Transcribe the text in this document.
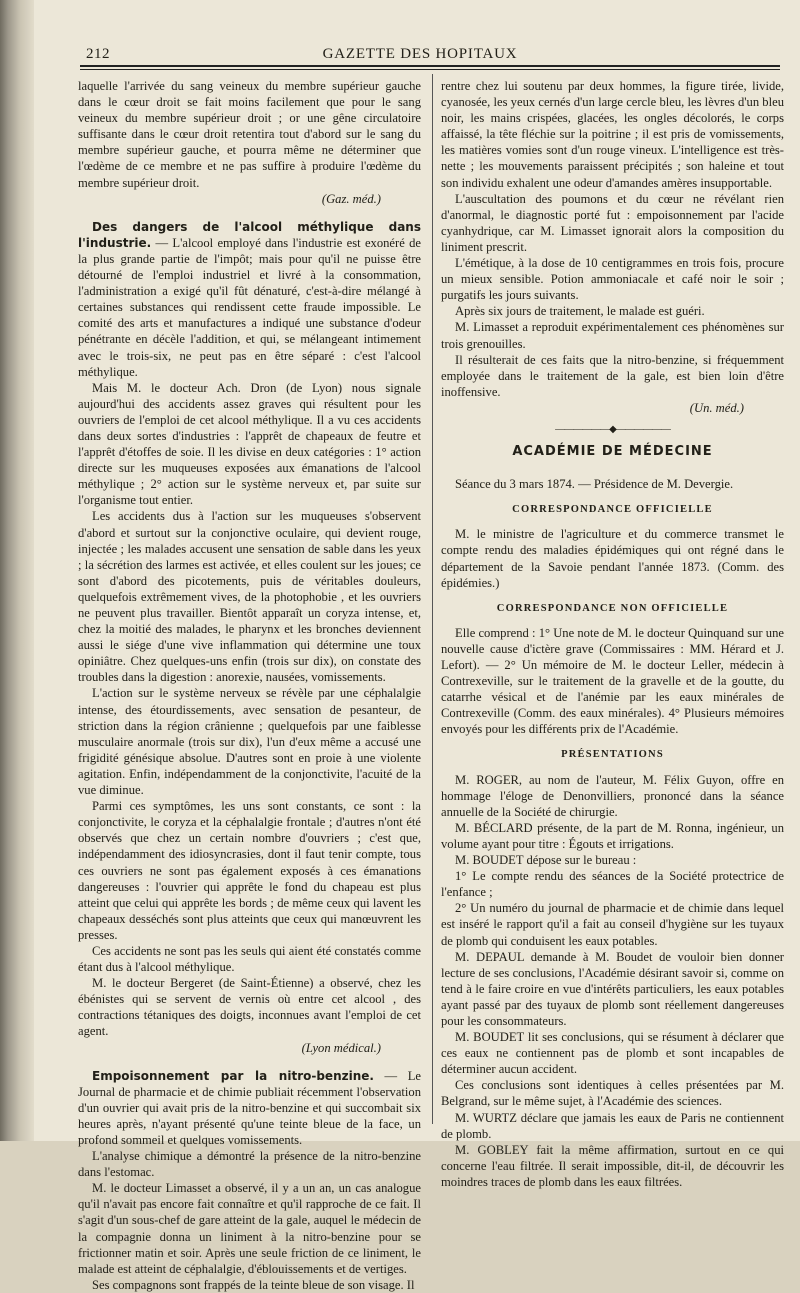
212	GAZETTE DES HOPITAUX

laquelle l'arrivée du sang veineux du membre supérieur gauche dans le cœur droit se fait moins facilement que pour le sang veineux du membre supérieur droit ; or une gêne circulatoire suffisante dans le cœur droit retentira tout d'abord sur le sang du membre supérieur gauche, et pourra même ne déterminer que l'œdème de ce membre et ne pas suffire à produire l'œdème du membre supérieur droit.

(Gaz. méd.)

Des dangers de l'alcool méthylique dans l'industrie. — L'alcool employé dans l'industrie est exonéré de la plus grande partie de l'impôt; mais pour qu'il ne puisse être détourné de l'emploi industriel et livré à la consommation, l'administration a exigé qu'il fût dénaturé, c'est-à-dire mélangé à certaines substances qui rendissent cette fraude impossible. Le comité des arts et manufactures a indiqué une substance d'odeur pénétrante en décèle l'addition, et qui, se mélangeant intimement avec le trois-six, ne peut pas en être séparé : c'est l'alcool méthylique.

Mais M. le docteur Ach. Dron (de Lyon) nous signale aujourd'hui des accidents assez graves qui résultent pour les ouvriers de l'emploi de cet alcool méthylique. Il a vu ces accidents dans deux sortes d'industries : l'apprêt de chapeaux de feutre et l'apprêt d'étoffes de soie. Il les divise en deux catégories : 1° action directe sur les muqueuses exposées aux émanations de l'alcool méthylique ; 2° action sur le système nerveux et, par suite sur l'organisme tout entier.

Les accidents dus à l'action sur les muqueuses s'observent d'abord et surtout sur la conjonctive oculaire, qui devient rouge, injectée ; les malades accusent une sensation de sable dans les yeux ; la sécrétion des larmes est activée, et elles coulent sur les joues; ce sont d'abord des picotements, puis de véritables douleurs, quelquefois extrêmement vives, de la photophobie , et les ouvriers ne peuvent plus travailler. Bientôt apparaît un coryza intense, et, chez la moitié des malades, le pharynx et les bronches deviennent aussi le siége d'une vive inflammation qui détermine une toux opiniâtre. Chez quelques-uns enfin (trois sur dix), on constate des troubles dans la digestion : anorexie, nausées, vomissements.

L'action sur le système nerveux se révèle par une céphalalgie intense, des étourdissements, avec sensation de pesanteur, de striction dans la région crânienne ; quelquefois par une faiblesse musculaire anormale (trois sur dix), l'un d'eux même a accusé une frigidité génésique absolue. D'autres sont en proie à une violente agitation. Enfin, indépendamment de la conjonctivite, l'acuité de la vue diminue.

Parmi ces symptômes, les uns sont constants, ce sont : la conjonctivite, le coryza et la céphalalgie frontale ; d'autres n'ont été observés que chez un certain nombre d'ouvriers ; c'est que, indépendamment des idiosyncrasies, dont il faut tenir compte, tous ces ouvriers ne sont pas également exposés à ces émanations dangereuses : l'ouvrier qui apprête le fond du chapeau est plus atteint que celui qui apprête les bords ; de même ceux qui lavent les chapeaux desséchés sont plus atteints que ceux qui manœuvrent les presses.

Ces accidents ne sont pas les seuls qui aient été constatés comme étant dus à l'alcool méthylique.

M. le docteur Bergeret (de Saint-Étienne) a observé, chez les ébénistes qui se servent de vernis où entre cet alcool , des contractions tétaniques des doigts, inconnues avant l'emploi de cet agent.

(Lyon médical.)

Empoisonnement par la nitro-benzine. — Le Journal de pharmacie et de chimie publiait récemment l'observation d'un ouvrier qui avait pris de la nitro-benzine et qui succombait six heures après, n'ayant présenté qu'une teinte bleue de la face, un profond sommeil et quelques vomissements.

L'analyse chimique a démontré la présence de la nitro-benzine dans l'estomac.

M. le docteur Limasset a observé, il y a un an, un cas analogue qu'il n'avait pas encore fait connaître et qu'il rapproche de ce fait. Il s'agit d'un sous-chef de gare atteint de la gale, auquel le médecin de la compagnie donna un liniment à la nitro-benzine pour se frictionner matin et soir. Après une seule friction de ce liniment, le malade est atteint de céphalalgie, d'éblouissements et de vertiges.

Ses compagnons sont frappés de la teinte bleue de son visage. Il

rentre chez lui soutenu par deux hommes, la figure tirée, livide, cyanosée, les yeux cernés d'un large cercle bleu, les lèvres d'un bleu noir, les mains crispées, glacées, les ongles décolorés, le corps affaissé, la tête fléchie sur la poitrine ; il est pris de vomissements, les matières vomies sont d'un rouge vineux. L'intelligence est très-nette ; les mouvements paraissent précipités ; son haleine et tout son individu exhalent une odeur d'amandes amères insupportable.

L'auscultation des poumons et du cœur ne révélant rien d'anormal, le diagnostic porté fut : empoisonnement par l'acide cyanhydrique, car M. Limasset ignorait alors la composition du liniment prescrit.

L'émétique, à la dose de 10 centigrammes en trois fois, procure un mieux sensible. Potion ammoniacale et café noir le soir ; purgatifs les jours suivants.

Après six jours de traitement, le malade est guéri.

M. Limasset a reproduit expérimentalement ces phénomènes sur trois grenouilles.

Il résulterait de ces faits que la nitro-benzine, si fréquemment employée dans le traitement de la gale, est bien loin d'être inoffensive.

(Un. méd.)

——————◆——————
ACADÉMIE DE MÉDECINE

Séance du 3 mars 1874. — Présidence de M. Devergie.

CORRESPONDANCE OFFICIELLE

M. le ministre de l'agriculture et du commerce transmet le compte rendu des maladies épidémiques qui ont régné dans le département de la Savoie pendant l'année 1873. (Comm. des épidémies.)

CORRESPONDANCE NON OFFICIELLE

Elle comprend : 1° Une note de M. le docteur Quinquand sur une nouvelle cause d'ictère grave (Commissaires : MM. Hérard et J. Lefort). — 2° Un mémoire de M. le docteur Leller, médecin à Contrexeville, sur le traitement de la gravelle et de la goutte, du catarrhe vésical et de l'anémie par les eaux minérales de Contrexeville (Comm. des eaux minérales). 4° Plusieurs mémoires envoyés pour les différents prix de l'Académie.

PRÉSENTATIONS

M. ROGER, au nom de l'auteur, M. Félix Guyon, offre en hommage l'éloge de Denonvilliers, prononcé dans la séance annuelle de la Société de chirurgie.

M. BÉCLARD présente, de la part de M. Ronna, ingénieur, un volume ayant pour titre : Égouts et irrigations.

M. BOUDET dépose sur le bureau :

1° Le compte rendu des séances de la Société protectrice de l'enfance ;

2° Un numéro du journal de pharmacie et de chimie dans lequel est inséré le rapport qu'il a fait au conseil d'hygiène sur les tuyaux de plomb qui conduisent les eaux potables.

M. DEPAUL demande à M. Boudet de vouloir bien donner lecture de ses conclusions, l'Académie désirant savoir si, comme on tend à le faire croire en vue d'intérêts particuliers, les eaux potables ayant passé par des tuyaux de plomb sont réellement dangereuses pour les consommateurs.

M. BOUDET lit ses conclusions, qui se résument à déclarer que ces eaux ne contiennent pas de plomb et sont incapables de déterminer aucun accident.

Ces conclusions sont identiques à celles présentées par M. Belgrand, sur le même sujet, à l'Académie des sciences.

M. WURTZ déclare que jamais les eaux de Paris ne contiennent de plomb.

M. GOBLEY fait la même affirmation, surtout en ce qui concerne l'eau filtrée. Il serait impossible, dit-il, de découvrir les moindres traces de plomb dans les eaux filtrées.
